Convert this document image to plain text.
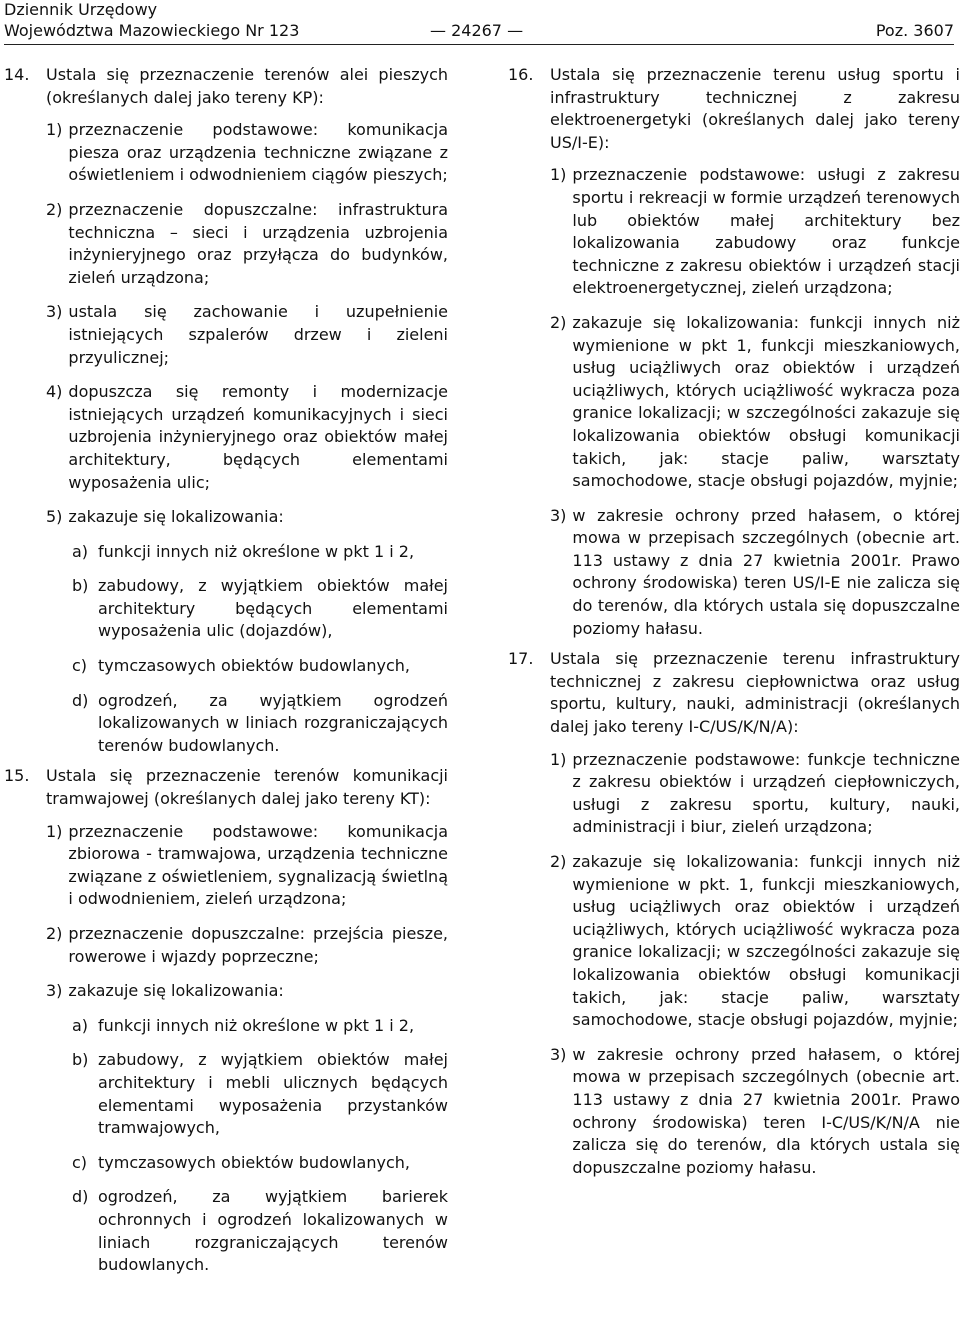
Dziennik Urzędowy
Województwa Mazowieckiego Nr 123	— 24267 —	Poz. 3607
14.	Ustala się przeznaczenie terenów alei pieszych (określanych dalej jako tereny KP):
1) przeznaczenie podstawowe: komunikacja piesza oraz urządzenia techniczne związane z oświetleniem i odwodnieniem ciągów pieszych;
2) przeznaczenie dopuszczalne: infrastruktura techniczna – sieci i urządzenia uzbrojenia inżynieryjnego oraz przyłącza do budynków, zieleń urządzona;
3) ustala się zachowanie i uzupełnienie istniejących szpalerów drzew i zieleni przyulicznej;
4) dopuszcza się remonty i modernizacje istniejących urządzeń komunikacyjnych i sieci uzbrojenia inżynieryjnego oraz obiektów małej architektury, będących elementami wyposażenia ulic;
5) zakazuje się lokalizowania:
a) funkcji innych niż określone w pkt 1 i 2,
b) zabudowy, z wyjątkiem obiektów małej architektury będących elementami wyposażenia ulic (dojazdów),
c) tymczasowych obiektów budowlanych,
d) ogrodzeń, za wyjątkiem ogrodzeń lokalizowanych w liniach rozgraniczających terenów budowlanych.
15.	Ustala się przeznaczenie terenów komunikacji tramwajowej (określanych dalej jako tereny KT):
1) przeznaczenie podstawowe: komunikacja zbiorowa - tramwajowa, urządzenia techniczne związane z oświetleniem, sygnalizacją świetlną i odwodnieniem, zieleń urządzona;
2) przeznaczenie dopuszczalne: przejścia piesze, rowerowe i wjazdy poprzeczne;
3) zakazuje się lokalizowania:
a) funkcji innych niż określone w pkt 1 i 2,
b) zabudowy, z wyjątkiem obiektów małej architektury i mebli ulicznych będących elementami wyposażenia przystanków tramwajowych,
c) tymczasowych obiektów budowlanych,
d) ogrodzeń, za wyjątkiem barierek ochronnych i ogrodzeń lokalizowanych w liniach rozgraniczających terenów budowlanych.
16.	Ustala się przeznaczenie terenu usług sportu i infrastruktury technicznej z zakresu elektroenergetyki (określanych dalej jako tereny US/I-E):
1) przeznaczenie podstawowe: usługi z zakresu sportu i rekreacji w formie urządzeń terenowych lub obiektów małej architektury bez lokalizowania zabudowy oraz funkcje techniczne z zakresu obiektów i urządzeń stacji elektroenergetycznej, zieleń urządzona;
2) zakazuje się lokalizowania: funkcji innych niż wymienione w pkt 1, funkcji mieszkaniowych, usług uciążliwych oraz obiektów i urządzeń uciążliwych, których uciążliwość wykracza poza granice lokalizacji; w szczególności zakazuje się lokalizowania obiektów obsługi komunikacji takich, jak: stacje paliw, warsztaty samochodowe, stacje obsługi pojazdów, myjnie;
3) w zakresie ochrony przed hałasem, o której mowa w przepisach szczególnych (obecnie art. 113 ustawy z dnia 27 kwietnia 2001r. Prawo ochrony środowiska) teren US/I-E nie zalicza się do terenów, dla których ustala się dopuszczalne poziomy hałasu.
17.	Ustala się przeznaczenie terenu infrastruktury technicznej z zakresu ciepłownictwa oraz usług sportu, kultury, nauki, administracji (określanych dalej jako tereny I-C/US/K/N/A):
1) przeznaczenie podstawowe: funkcje techniczne z zakresu obiektów i urządzeń ciepłowniczych, usługi z zakresu sportu, kultury, nauki, administracji i biur, zieleń urządzona;
2) zakazuje się lokalizowania: funkcji innych niż wymienione w pkt. 1, funkcji mieszkaniowych, usług uciążliwych oraz obiektów i urządzeń uciążliwych, których uciążliwość wykracza poza granice lokalizacji; w szczególności zakazuje się lokalizowania obiektów obsługi komunikacji takich, jak: stacje paliw, warsztaty samochodowe, stacje obsługi pojazdów, myjnie;
3) w zakresie ochrony przed hałasem, o której mowa w przepisach szczególnych (obecnie art. 113 ustawy z dnia 27 kwietnia 2001r. Prawo ochrony środowiska) teren I-C/US/K/N/A nie zalicza się do terenów, dla których ustala się dopuszczalne poziomy hałasu.
